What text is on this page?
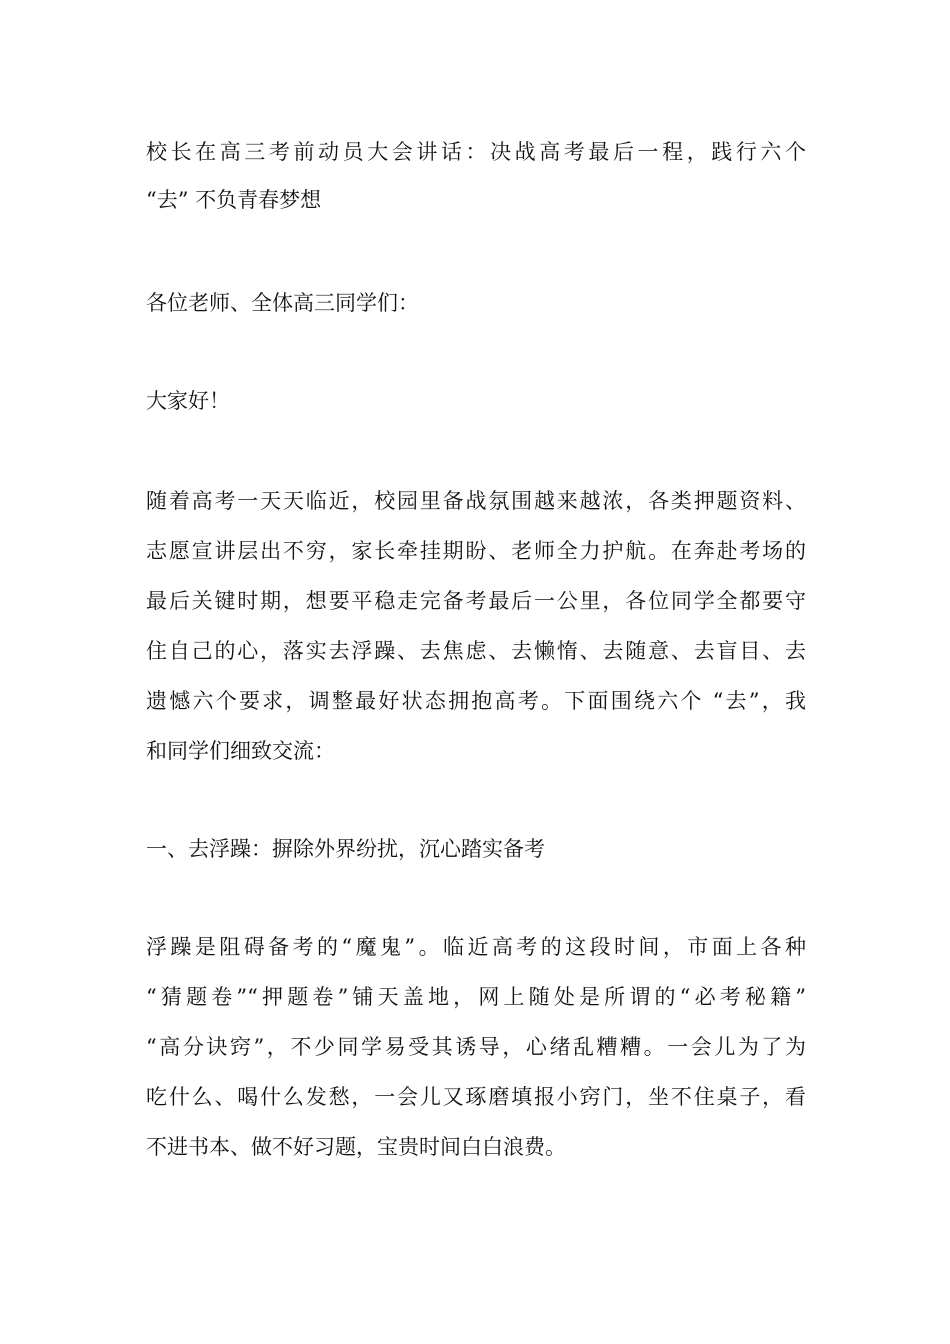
校长在高三考前动员大会讲话：决战高考最后一程，践行六个
“去” 不负青春梦想
各位老师、全体高三同学们：
大家好！
随着高考一天天临近，校园里备战氛围越来越浓，各类押题资料、
志愿宣讲层出不穷，家长牵挂期盼、老师全力护航。在奔赴考场的
最后关键时期，想要平稳走完备考最后一公里，各位同学全都要守
住自己的心，落实去浮躁、去焦虑、去懒惰、去随意、去盲目、去
遗憾六个要求，调整最好状态拥抱高考。下面围绕六个 “去”，我
和同学们细致交流：
一、去浮躁：摒除外界纷扰，沉心踏实备考
浮躁是阻碍备考的“魔鬼”。临近高考的这段时间，市面上各种
“猜题卷”“押题卷”铺天盖地，网上随处是所谓的“必考秘籍”
“高分诀窍”，不少同学易受其诱导，心绪乱糟糟。一会儿为了为
吃什么、喝什么发愁，一会儿又琢磨填报小窍门，坐不住桌子，看
不进书本、做不好习题，宝贵时间白白浪费。
